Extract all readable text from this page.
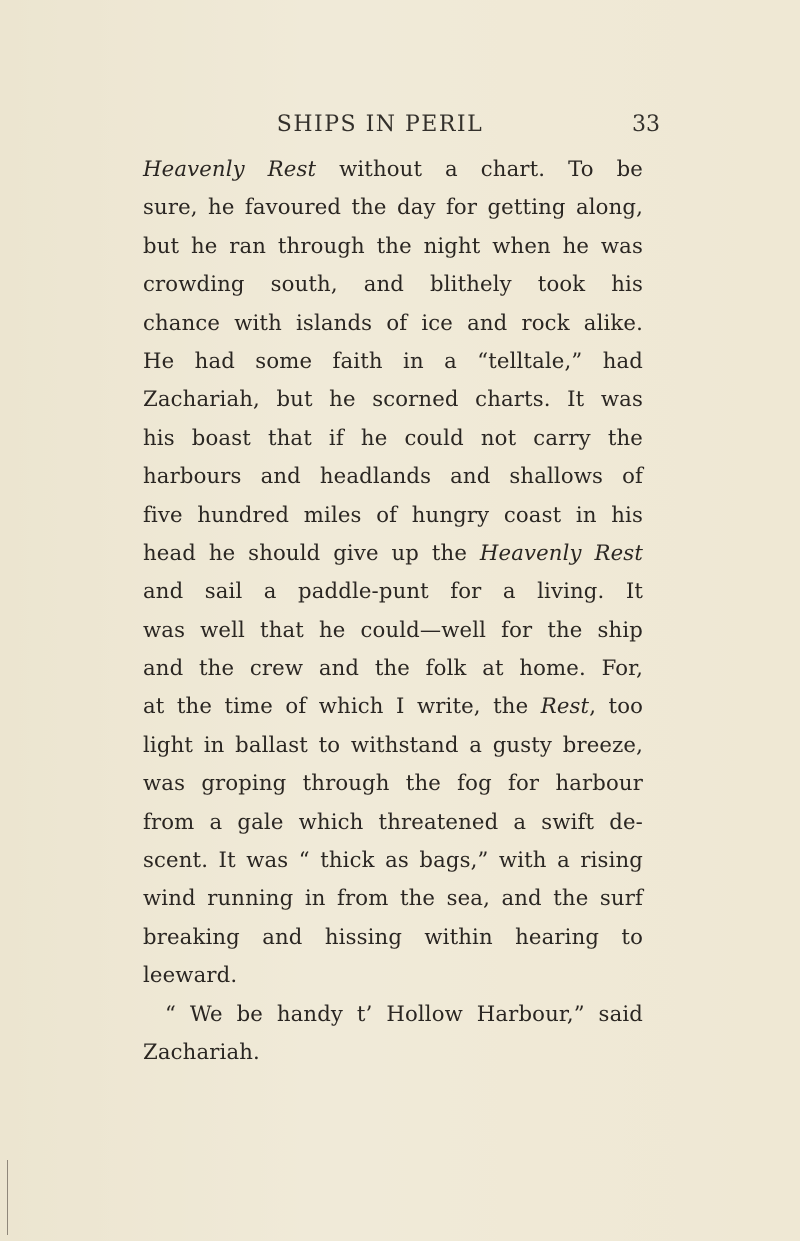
SHIPS IN PERIL	33
Heavenly Rest without a chart. To be
sure, he favoured the day for getting along,
but he ran through the night when he was
crowding south, and blithely took his
chance with islands of ice and rock alike.
He had some faith in a “telltale,” had
Zachariah, but he scorned charts. It was
his boast that if he could not carry the
harbours and headlands and shallows of
five hundred miles of hungry coast in his
head he should give up the Heavenly Rest
and sail a paddle-punt for a living. It
was well that he could—well for the ship
and the crew and the folk at home. For,
at the time of which I write, the Rest, too
light in ballast to withstand a gusty breeze,
was groping through the fog for harbour
from a gale which threatened a swift de-
scent. It was “ thick as bags,” with a rising
wind running in from the sea, and the surf
breaking and hissing within hearing to
leeward.
“ We be handy t’ Hollow Harbour,” said
Zachariah.
